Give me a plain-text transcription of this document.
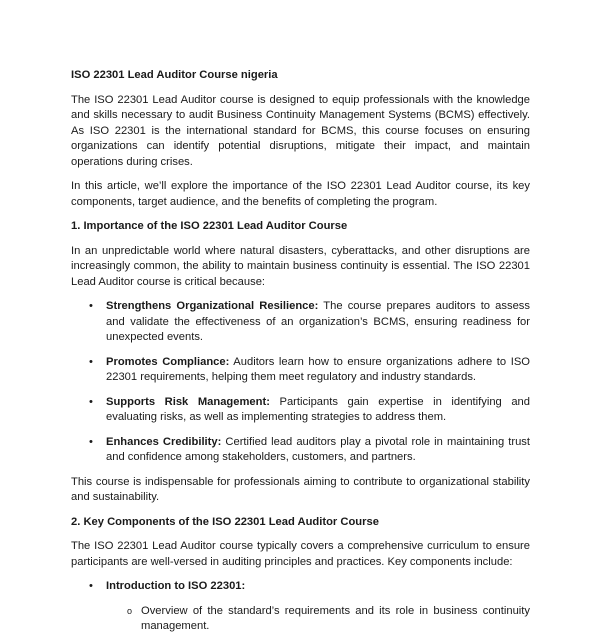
ISO 22301 Lead Auditor Course nigeria

The ISO 22301 Lead Auditor course is designed to equip professionals with the knowledge and skills necessary to audit Business Continuity Management Systems (BCMS) effectively. As ISO 22301 is the international standard for BCMS, this course focuses on ensuring organizations can identify potential disruptions, mitigate their impact, and maintain operations during crises.

In this article, we’ll explore the importance of the ISO 22301 Lead Auditor course, its key components, target audience, and the benefits of completing the program.

1. Importance of the ISO 22301 Lead Auditor Course

In an unpredictable world where natural disasters, cyberattacks, and other disruptions are increasingly common, the ability to maintain business continuity is essential. The ISO 22301 Lead Auditor course is critical because:

• Strengthens Organizational Resilience: The course prepares auditors to assess and validate the effectiveness of an organization’s BCMS, ensuring readiness for unexpected events.
• Promotes Compliance: Auditors learn how to ensure organizations adhere to ISO 22301 requirements, helping them meet regulatory and industry standards.
• Supports Risk Management: Participants gain expertise in identifying and evaluating risks, as well as implementing strategies to address them.
• Enhances Credibility: Certified lead auditors play a pivotal role in maintaining trust and confidence among stakeholders, customers, and partners.

This course is indispensable for professionals aiming to contribute to organizational stability and sustainability.

2. Key Components of the ISO 22301 Lead Auditor Course

The ISO 22301 Lead Auditor course typically covers a comprehensive curriculum to ensure participants are well-versed in auditing principles and practices. Key components include:

• Introduction to ISO 22301:
o Overview of the standard’s requirements and its role in business continuity management.
